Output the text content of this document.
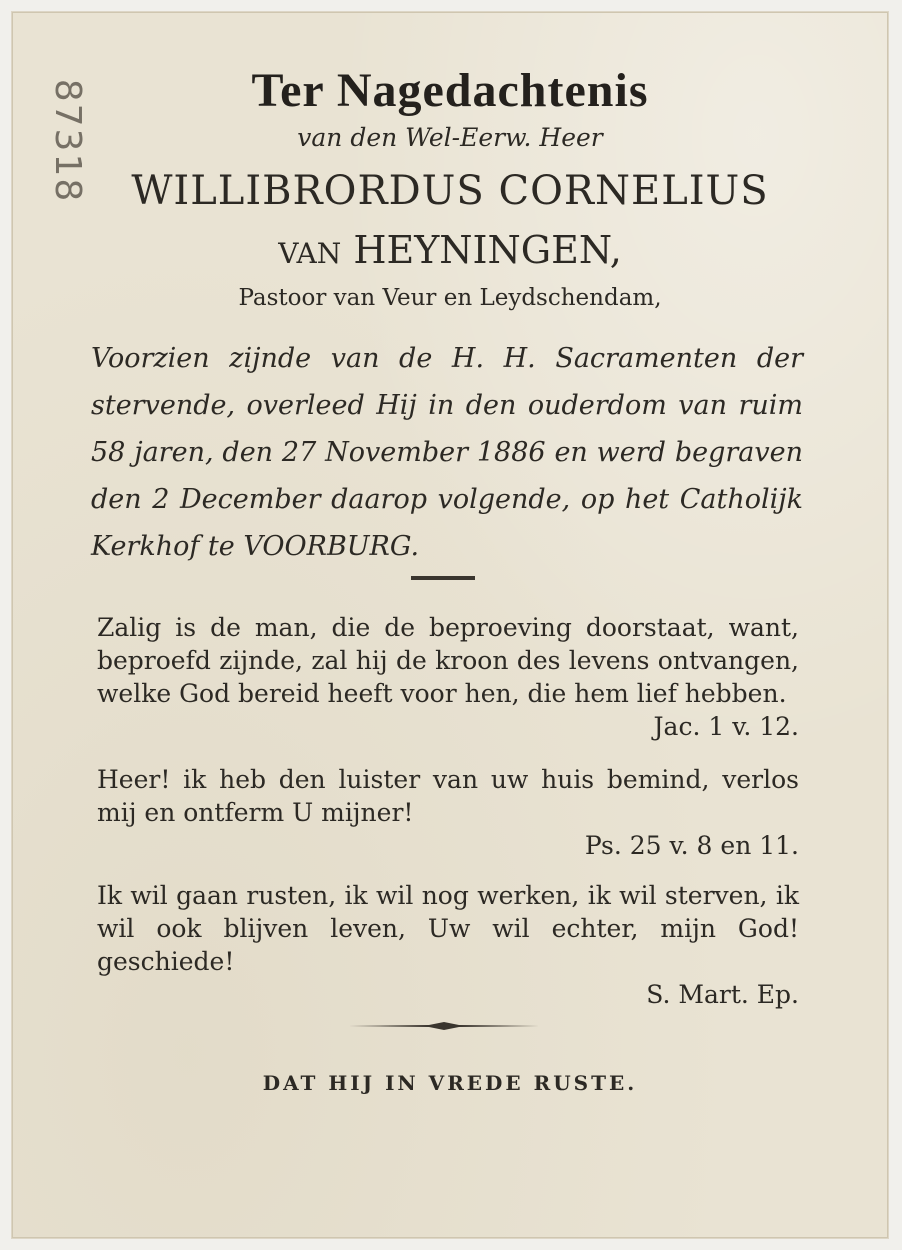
87318	Ter Nagedachtenis
van den Wel-Eerw. Heer
WILLIBRORDUS CORNELIUS
VAN HEYNINGEN,
Pastoor van Veur en Leydschendam,
Voorzien zijnde van de H. H. Sacramenten der stervende, overleed Hij in den ouderdom van ruim 58 jaren, den 27 November 1886 en werd begraven den 2 December daarop volgende, op het Catholijk Kerkhof te VOORBURG.
Zalig is de man, die de beproeving doorstaat, want, beproefd zijnde, zal hij de kroon des levens ontvangen, welke God bereid heeft voor hen, die hem lief hebben.
Jac. 1 v. 12.
Heer! ik heb den luister van uw huis bemind, verlos mij en ontferm U mijner!
Ps. 25 v. 8 en 11.
Ik wil gaan rusten, ik wil nog werken, ik wil sterven, ik wil ook blijven leven, Uw wil echter, mijn God! geschiede!
S. Mart. Ep.
DAT HIJ IN VREDE RUSTE.
